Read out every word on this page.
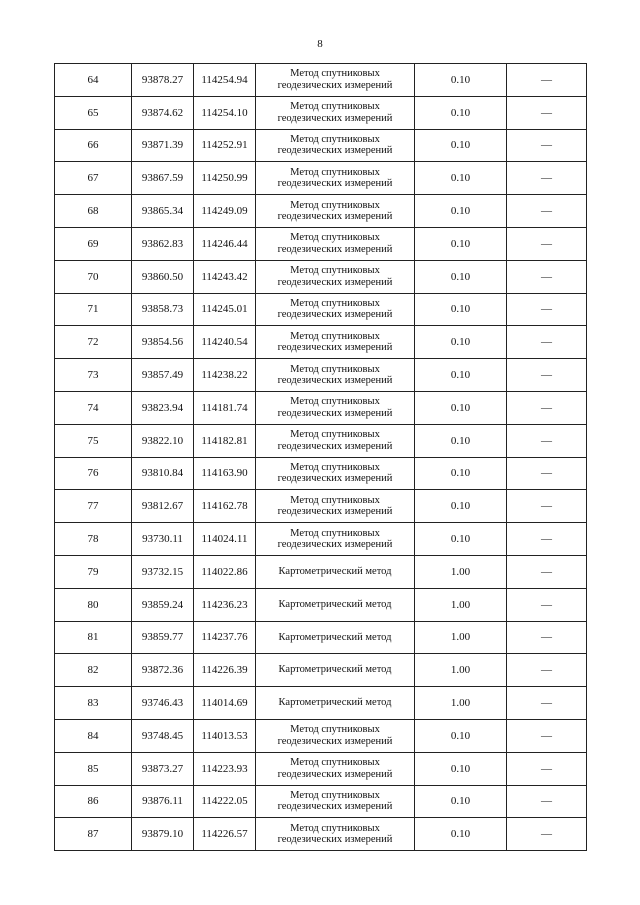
8
64	93878.27	114254.94	Метод спутниковых геодезических измерений	0.10	—
65	93874.62	114254.10	Метод спутниковых геодезических измерений	0.10	—
66	93871.39	114252.91	Метод спутниковых геодезических измерений	0.10	—
67	93867.59	114250.99	Метод спутниковых геодезических измерений	0.10	—
68	93865.34	114249.09	Метод спутниковых геодезических измерений	0.10	—
69	93862.83	114246.44	Метод спутниковых геодезических измерений	0.10	—
70	93860.50	114243.42	Метод спутниковых геодезических измерений	0.10	—
71	93858.73	114245.01	Метод спутниковых геодезических измерений	0.10	—
72	93854.56	114240.54	Метод спутниковых геодезических измерений	0.10	—
73	93857.49	114238.22	Метод спутниковых геодезических измерений	0.10	—
74	93823.94	114181.74	Метод спутниковых геодезических измерений	0.10	—
75	93822.10	114182.81	Метод спутниковых геодезических измерений	0.10	—
76	93810.84	114163.90	Метод спутниковых геодезических измерений	0.10	—
77	93812.67	114162.78	Метод спутниковых геодезических измерений	0.10	—
78	93730.11	114024.11	Метод спутниковых геодезических измерений	0.10	—
79	93732.15	114022.86	Картометрический метод	1.00	—
80	93859.24	114236.23	Картометрический метод	1.00	—
81	93859.77	114237.76	Картометрический метод	1.00	—
82	93872.36	114226.39	Картометрический метод	1.00	—
83	93746.43	114014.69	Картометрический метод	1.00	—
84	93748.45	114013.53	Метод спутниковых геодезических измерений	0.10	—
85	93873.27	114223.93	Метод спутниковых геодезических измерений	0.10	—
86	93876.11	114222.05	Метод спутниковых геодезических измерений	0.10	—
87	93879.10	114226.57	Метод спутниковых геодезических измерений	0.10	—
